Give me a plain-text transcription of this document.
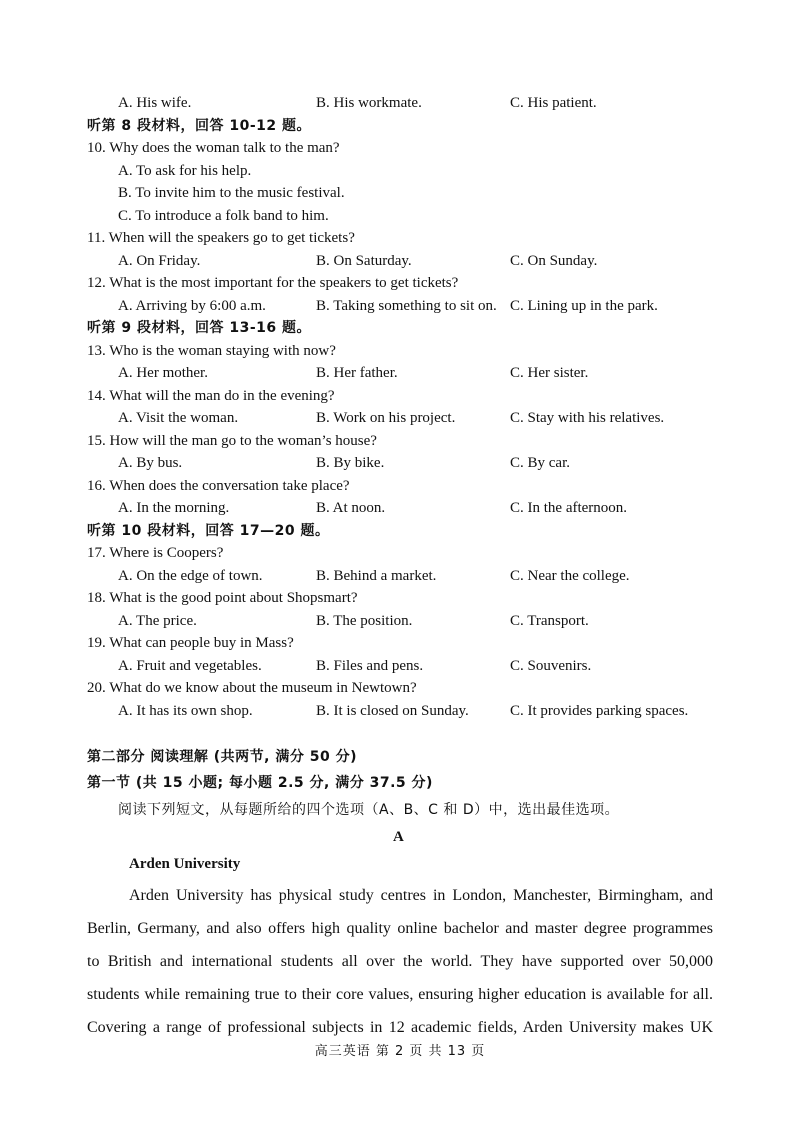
A. His wife.	B. His workmate.	C. His patient.
听第 8 段材料，回答 10-12 题。
10. Why does the woman talk to the man?
A. To ask for his help.
B. To invite him to the music festival.
C. To introduce a folk band to him.
11. When will the speakers go to get tickets?
A. On Friday.	B. On Saturday.	C. On Sunday.
12. What is the most important for the speakers to get tickets?
A. Arriving by 6:00 a.m.	B. Taking something to sit on. C. Lining up in the park.
听第 9 段材料，回答 13-16 题。
13. Who is the woman staying with now?
A. Her mother.	B. Her father.	C. Her sister.
14. What will the man do in the evening?
A. Visit the woman.	B. Work on his project.	C. Stay with his relatives.
15. How will the man go to the woman’s house?
A. By bus.	B. By bike.	C. By car.
16. When does the conversation take place?
A. In the morning.	B. At noon.	C. In the afternoon.
听第 10 段材料，回答 17—20 题。
17. Where is Coopers?
A. On the edge of town.	B. Behind a market.	C. Near the college.
18. What is the good point about Shopsmart?
A. The price.	B. The position.	C. Transport.
19. What can people buy in Mass?
A. Fruit and vegetables.	B. Files and pens.	C. Souvenirs.
20. What do we know about the museum in Newtown?
A. It has its own shop.	B. It is closed on Sunday.	C. It provides parking spaces.
第二部分 阅读理解 (共两节, 满分 50 分)
第一节 (共 15 小题; 每小题 2.5 分, 满分 37.5 分)
阅读下列短文，从每题所给的四个选项（A、B、C 和 D）中，选出最佳选项。
A
Arden University
Arden University has physical study centres in London, Manchester, Birmingham, and
Berlin, Germany, and also offers high quality online bachelor and master degree programmes
to British and international students all over the world. They have supported over 50,000
students while remaining true to their core values, ensuring higher education is available for all.
Covering a range of professional subjects in 12 academic fields, Arden University makes UK
高三英语 第 2 页 共 13 页
